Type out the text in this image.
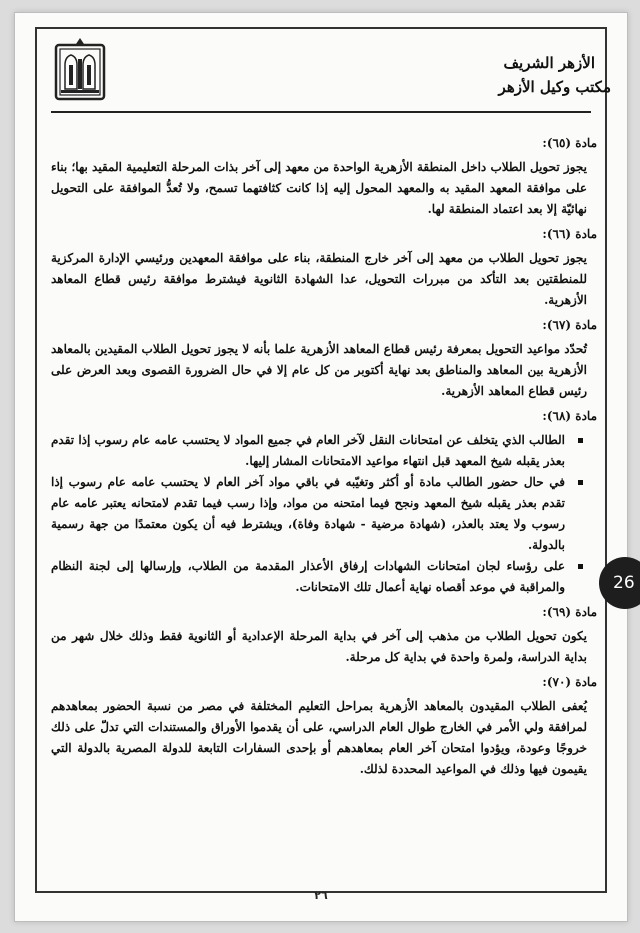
الأزهر الشريف
مكتب وكيل الأزهر

مادة (٦٥):

يجوز تحويل الطلاب داخل المنطقة الأزهرية الواحدة من معهد إلى آخر بذات المرحلة التعليمية المقيد بها؛ بناء على موافقة المعهد المقيد به والمعهد المحول إليه إذا كانت كثافتهما تسمح، ولا تُعدُّ الموافقة على التحويل نهائيّة إلا بعد اعتماد المنطقة لها.

مادة (٦٦):

يجوز تحويل الطلاب من معهد إلى آخر خارج المنطقة، بناء على موافقة المعهدين ورئيسي الإدارة المركزية للمنطقتين بعد التأكد من مبررات التحويل، عدا الشهادة الثانوية فيشترط موافقة رئيس قطاع المعاهد الأزهرية.

مادة (٦٧):

تُحدّد مواعيد التحويل بمعرفة رئيس قطاع المعاهد الأزهرية علما بأنه لا يجوز تحويل الطلاب المقيدين بالمعاهد الأزهرية بين المعاهد والمناطق بعد نهاية أكتوبر من كل عام إلا في حال الضرورة القصوى وبعد العرض على رئيس قطاع المعاهد الأزهرية.

مادة (٦٨):

الطالب الذي يتخلف عن امتحانات النقل لآخر العام في جميع المواد لا يحتسب عامه عام رسوب إذا تقدم بعذر يقبله شيخ المعهد قبل انتهاء مواعيد الامتحانات المشار إليها.
في حال حضور الطالب مادة أو أكثر وتغيّبه في باقي مواد آخر العام لا يحتسب عامه عام رسوب إذا تقدم بعذر يقبله شيخ المعهد ونجح فيما امتحنه من مواد، وإذا رسب فيما تقدم لامتحانه يعتبر عامه عام رسوب ولا يعتد بالعذر، (شهادة مرضية - شهادة وفاة)، ويشترط فيه أن يكون معتمدًا من جهة رسمية بالدولة.
على رؤساء لجان امتحانات الشهادات إرفاق الأعذار المقدمة من الطلاب، وإرسالها إلى لجنة النظام والمراقبة في موعد أقصاه نهاية أعمال تلك الامتحانات.

مادة (٦٩):

يكون تحويل الطلاب من مذهب إلى آخر في بداية المرحلة الإعدادية أو الثانوية فقط وذلك خلال شهر من بداية الدراسة، ولمرة واحدة في بداية كل مرحلة.

مادة (٧٠):

يُعفى الطلاب المقيدون بالمعاهد الأزهرية بمراحل التعليم المختلفة في مصر من نسبة الحضور بمعاهدهم لمرافقة ولي الأمر في الخارج طوال العام الدراسي، على أن يقدموا الأوراق والمستندات التي تدلّ على ذلك خروجًا وعودة، ويؤدوا امتحان آخر العام بمعاهدهم أو بإحدى السفارات التابعة للدولة المصرية بالدولة التي يقيمون فيها وذلك في المواعيد المحددة لذلك.

٢٦
26
